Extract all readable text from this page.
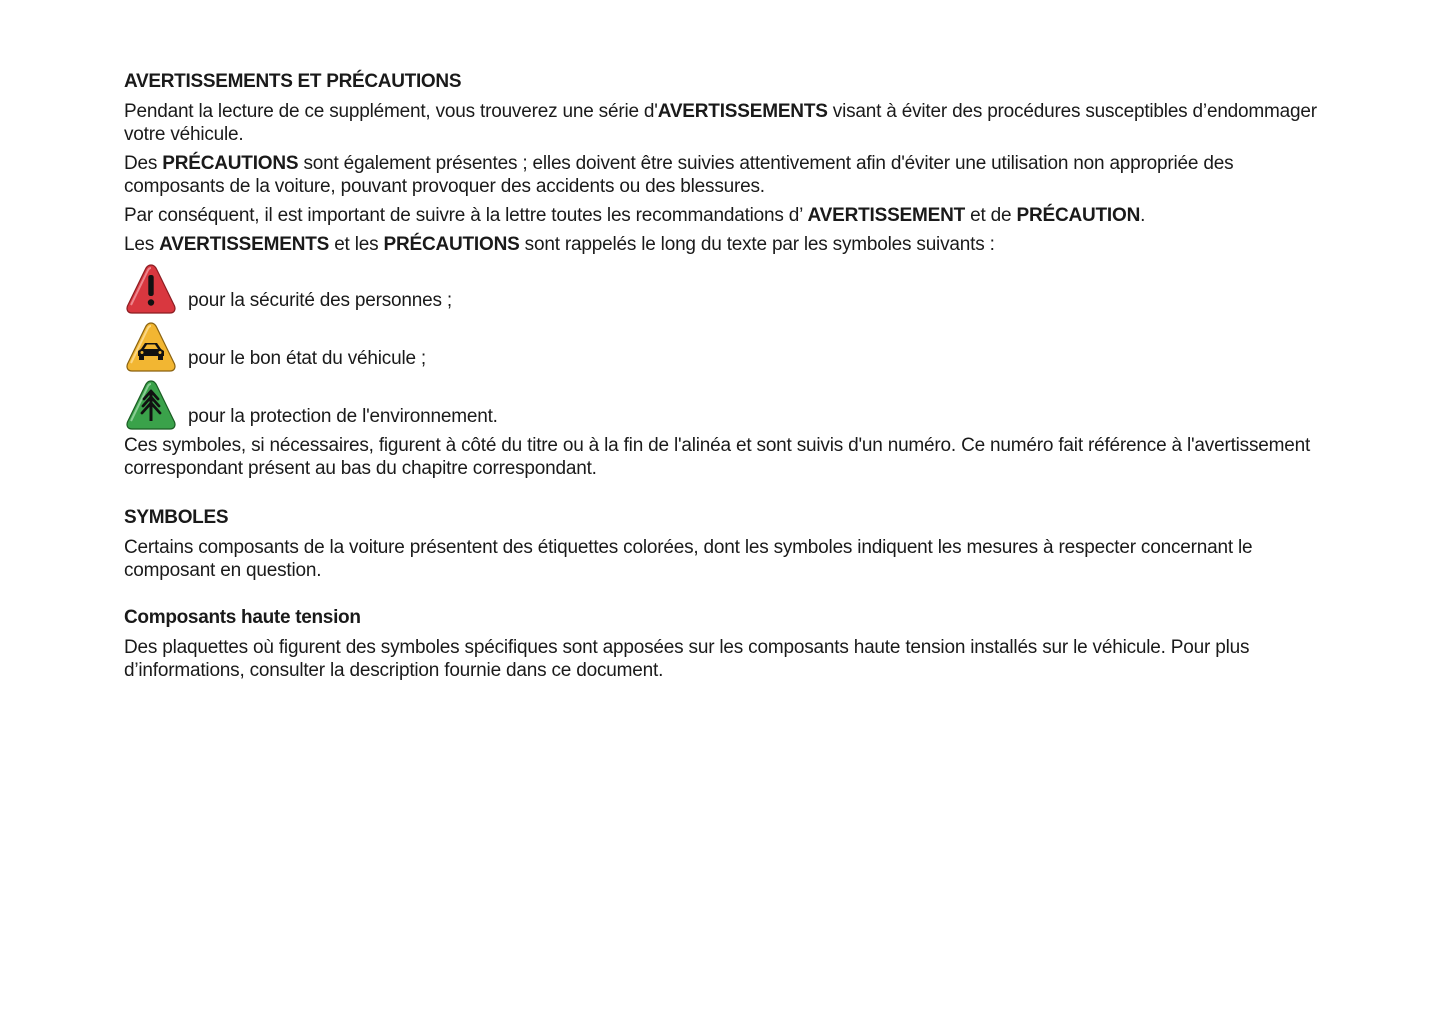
AVERTISSEMENTS ET PRÉCAUTIONS

Pendant la lecture de ce supplément, vous trouverez une série d'AVERTISSEMENTS visant à éviter des procédures susceptibles d’endommager votre véhicule.

Des PRÉCAUTIONS sont également présentes ; elles doivent être suivies attentivement afin d'éviter une utilisation non appropriée des composants de la voiture, pouvant provoquer des accidents ou des blessures.

Par conséquent, il est important de suivre à la lettre toutes les recommandations d’ AVERTISSEMENT et de PRÉCAUTION.

Les AVERTISSEMENTS et les PRÉCAUTIONS sont rappelés le long du texte par les symboles suivants :

pour la sécurité des personnes ;
pour le bon état du véhicule ;
pour la protection de l'environnement.

Ces symboles, si nécessaires, figurent à côté du titre ou à la fin de l'alinéa et sont suivis d'un numéro. Ce numéro fait référence à l'avertissement correspondant présent au bas du chapitre correspondant.

SYMBOLES

Certains composants de la voiture présentent des étiquettes colorées, dont les symboles indiquent les mesures à respecter concernant le composant en question.

Composants haute tension

Des plaquettes où figurent des symboles spécifiques sont apposées sur les composants haute tension installés sur le véhicule. Pour plus d’informations, consulter la description fournie dans ce document.
